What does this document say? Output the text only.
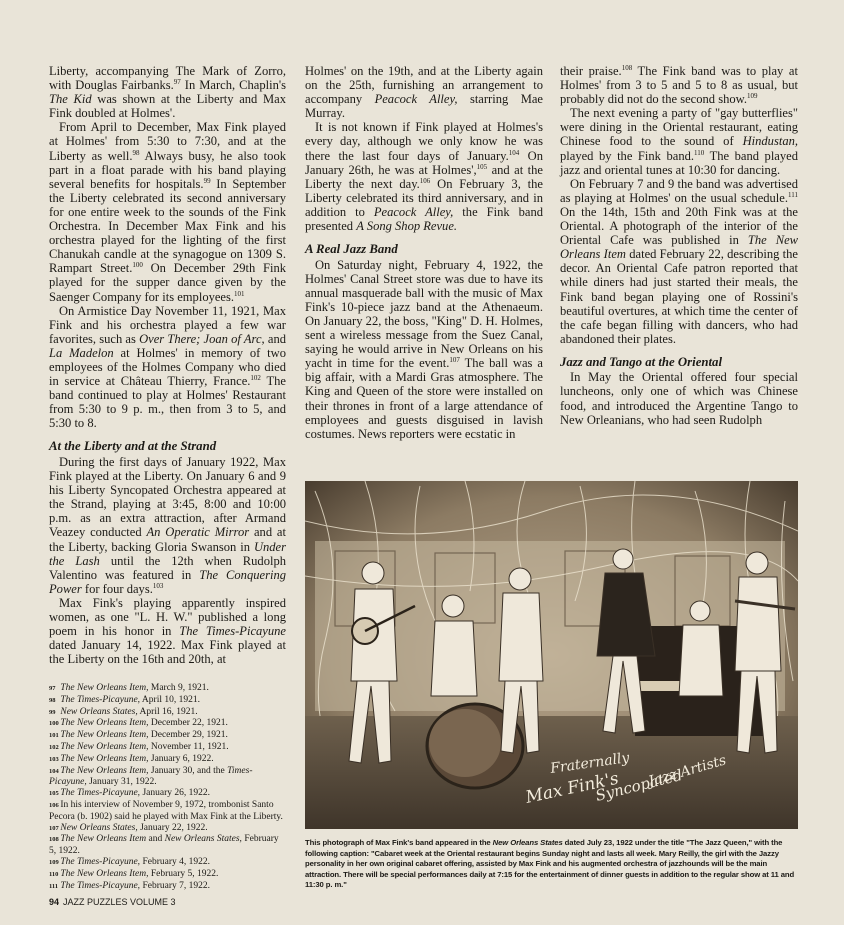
Liberty, accompanying The Mark of Zorro, with Douglas Fairbanks.$^{97}$ In March, Chaplin's The Kid was shown at the Liberty and Max Fink doubled at Holmes'.

From April to December, Max Fink played at Holmes' from 5:30 to 7:30, and at the Liberty as well.$^{98}$ Always busy, he also took part in a float parade with his band playing several benefits for hospitals.$^{99}$ In September the Liberty celebrated its second anniversary for one entire week to the sounds of the Fink Orchestra. In December Max Fink and his orchestra played for the lighting of the first Chanukah candle at the synagogue on 1309 S. Rampart Street.$^{100}$ On December 29th Fink played for the supper dance given by the Saenger Company for its employees.$^{101}$

On Armistice Day November 11, 1921, Max Fink and his orchestra played a few war favorites, such as Over There; Joan of Arc, and La Madelon at Holmes' in memory of two employees of the Holmes Company who died in service at Château Thierry, France.$^{102}$ The band continued to play at Holmes' Restaurant from 5:30 to 9 p. m., then from 3 to 5, and 5:30 to 8.

At the Liberty and at the Strand

During the first days of January 1922, Max Fink played at the Liberty. On January 6 and 9 his Liberty Syncopated Orchestra appeared at the Strand, playing at 3:45, 8:00 and 10:00 p.m. as an extra attraction, after Armand Veazey conducted An Operatic Mirror and at the Liberty, backing Gloria Swanson in Under the Lash until the 12th when Rudolph Valentino was featured in The Conquering Power for four days.$^{103}$

Max Fink's playing apparently inspired women, as one "L. H. W." published a long poem in his honor in The Times-Picayune dated January 14, 1922. Max Fink played at the Liberty on the 16th and 20th, at

97 The New Orleans Item, March 9, 1921.
98 The Times-Picayune, April 10, 1921.
99 New Orleans States, April 16, 1921.
100 The New Orleans Item, December 22, 1921.
101 The New Orleans Item, December 29, 1921.
102 The New Orleans Item, November 11, 1921.
103 The New Orleans Item, January 6, 1922.
104 The New Orleans Item, January 30, and the Times-Picayune, January 31, 1922.
105 The Times-Picayune, January 26, 1922.
106 In his interview of November 9, 1972, trombonist Santo Pecora (b. 1902) said he played with Max Fink at the Liberty.
107 New Orleans States, January 22, 1922.
108 The New Orleans Item and New Orleans States, February 5, 1922.
109 The Times-Picayune, February 4, 1922.
110 The New Orleans Item, February 5, 1922.
111 The Times-Picayune, February 7, 1922.

Holmes' on the 19th, and at the Liberty again on the 25th, furnishing an arrangement to accompany Peacock Alley, starring Mae Murray.

It is not known if Fink played at Holmes's every day, although we only know he was there the last four days of January.$^{104}$ On January 26th, he was at Holmes',$^{105}$ and at the Liberty the next day.$^{106}$ On February 3, the Liberty celebrated its third anniversary, and in addition to Peacock Alley, the Fink band presented A Song Shop Revue.

A Real Jazz Band

On Saturday night, February 4, 1922, the Holmes' Canal Street store was due to have its annual masquerade ball with the music of Max Fink's 10-piece jazz band at the Athenaeum. On January 22, the boss, "King" D. H. Holmes, sent a wireless message from the Suez Canal, saying he would arrive in New Orleans on his yacht in time for the event.$^{107}$ The ball was a big affair, with a Mardi Gras atmosphere. The King and Queen of the store were installed on their thrones in front of a large attendance of employees and guests disguised in lavish costumes. News reporters were ecstatic in

their praise.$^{108}$ The Fink band was to play at Holmes' from 3 to 5 and 5 to 8 as usual, but probably did not do the second show.$^{109}$

The next evening a party of "gay butterflies" were dining in the Oriental restaurant, eating Chinese food to the sound of Hindustan, played by the Fink band.$^{110}$ The band played jazz and oriental tunes at 10:30 for dancing.

On February 7 and 9 the band was advertised as playing at Holmes' on the usual schedule.$^{111}$ On the 14th, 15th and 20th Fink was at the Oriental. A photograph of the interior of the Oriental Cafe was published in The New Orleans Item dated February 22, describing the decor. An Oriental Cafe patron reported that while diners had just started their meals, the Fink band began playing one of Rossini's beautiful overtures, at which time the center of the cafe began filling with dancers, who had abandoned their plates.

Jazz and Tango at the Oriental

In May the Oriental offered four special luncheons, only one of which was Chinese food, and introduced the Argentine Tango to New Orleanians, who had seen Rudolph

Fraternally
Max Fink's
Syncopated
Jazz Artists
This photograph of Max Fink's band appeared in the New Orleans States dated July 23, 1922 under the title "The Jazz Queen," with the following caption: "Cabaret week at the Oriental restaurant begins Sunday night and lasts all week. Mary Reilly, the girl with the Jazzy personality in her own original cabaret offering, assisted by Max Fink and his augmented orchestra of jazzhounds will be the main attraction. There will be special performances daily at 7:15 for the entertainment of dinner guests in addition to the regular show at 11 and 11:30 p. m."
94 JAZZ PUZZLES VOLUME 3
